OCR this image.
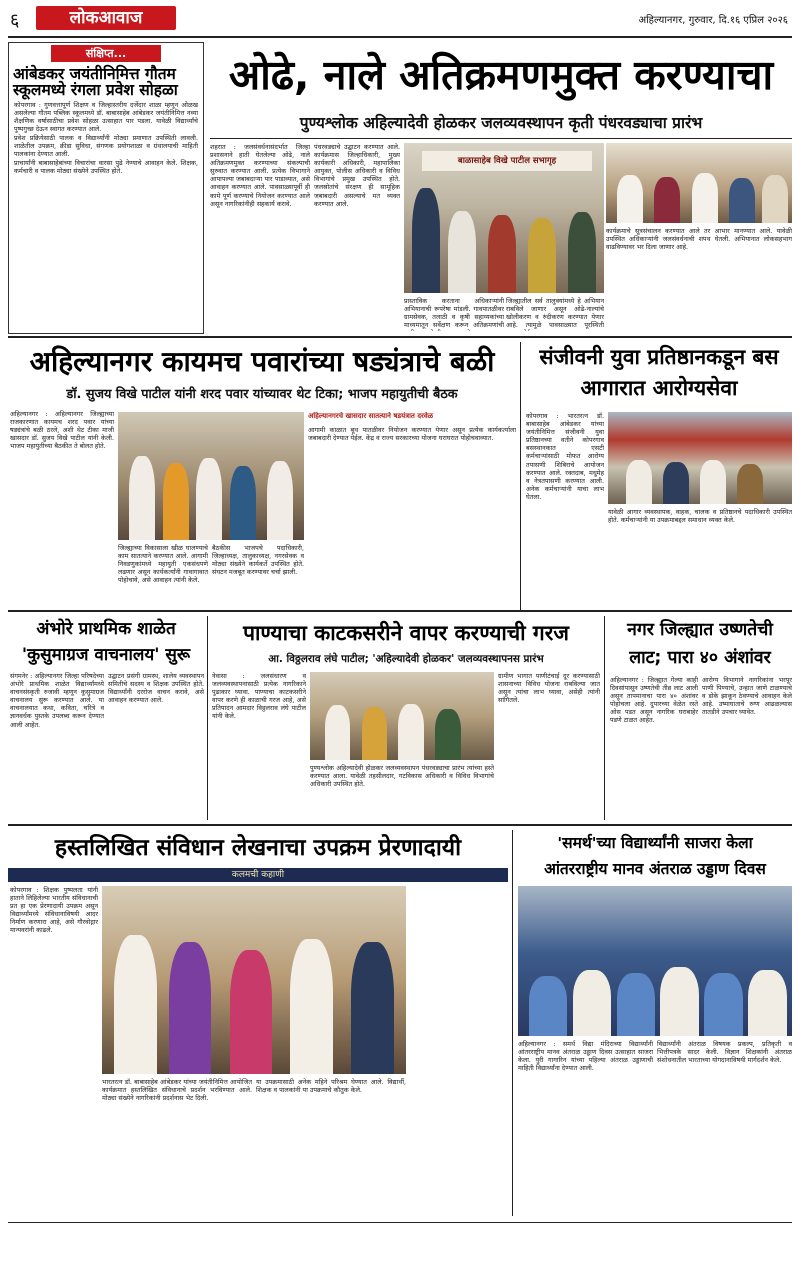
६	लोकआवाज	अहिल्यानगर, गुरुवार, दि.१६ एप्रिल २०२६
संक्षिप्त...
आंबेडकर जयंतीनिमित्त गौतम स्कूलमध्ये रंगला प्रवेश सोहळा

कोपरगाव : गुणवत्तापूर्ण शिक्षण व जिल्हास्तरीय दर्जेदार शाळा म्हणून ओळख असलेल्या गौतम पब्लिक स्कूलमध्ये डॉ. बाबासाहेब आंबेडकर जयंतीनिमित्त नव्या शैक्षणिक वर्षासाठीचा प्रवेश सोहळा उत्साहात पार पडला. यावेळी विद्यार्थ्यांचे पुष्पगुच्छ देऊन स्वागत करण्यात आले.

प्रवेश प्रक्रियेसाठी पालक व विद्यार्थ्यांनी मोठ्या प्रमाणात उपस्थिती लावली. शाळेतील उपक्रम, क्रीडा सुविधा, संगणक प्रयोगशाळा व ग्रंथालयाची माहिती पालकांना देण्यात आली.

प्राचार्यांनी बाबासाहेबांच्या विचारांचा वारसा पुढे नेण्याचे आवाहन केले. शिक्षक, कर्मचारी व पालक मोठ्या संख्येने उपस्थित होते.

ओढे, नाले अतिक्रमणमुक्त करण्याचा
पुण्यश्लोक अहिल्यादेवी होळकर जलव्यवस्थापन कृती पंधरवड्याचा प्रारंभ
शहरात : जलसंवर्धनासंदर्भात जिल्हा प्रशासनाने हाती घेतलेल्या ओढे, नाले अतिक्रमणमुक्त करण्याच्या संकल्पाची सुरुवात करण्यात आली. प्रत्येक विभागाने आपापल्या जबाबदाऱ्या पार पाडाव्यात, असे आवाहन करण्यात आले. पावसाळ्यापूर्वी ही कामे पूर्ण करण्याचे नियोजन करण्यात आले असून नागरिकांनीही सहकार्य करावे.
पंधरवड्याचे उद्घाटन करण्यात आले. कार्यक्रमास जिल्हाधिकारी, मुख्य कार्यकारी अधिकारी, महापालिका आयुक्त, पोलीस अधिकारी व विविध विभागांचे प्रमुख उपस्थित होते. जलस्रोतांचे संरक्षण ही सामूहिक जबाबदारी असल्याचे मत व्यक्त करण्यात आले.
बाळासाहेब विखे पाटील सभागृह
प्रास्ताविक करताना अधिकाऱ्यांनी अभियानाची रूपरेषा मांडली. गावपातळीवर ग्रामसेवक, तलाठी व कृषी सहाय्यकांच्या माध्यमातून सर्वेक्षण करून अतिक्रमणांची
जिल्ह्यातील सर्व तालुक्यांमध्ये हे अभियान राबविले जाणार असून ओढे-नाल्यांचे खोलीकरण व रुंदीकरण करण्यात येणार आहे. त्यामुळे पावसाळ्यात पूरस्थिती
कार्यक्रमाचे सूत्रसंचालन करण्यात आले तर आभार मानण्यात आले. यावेळी उपस्थित अधिकाऱ्यांनी जलसंवर्धनाची शपथ घेतली. अभियानात लोकसहभाग वाढविण्यावर भर दिला जाणार आहे.
अहिल्यानगर कायमच पवारांच्या षड्यंत्राचे बळी
डॉ. सुजय विखे पाटील यांनी शरद पवार यांच्यावर थेट टिका; भाजप महायुतीची बैठक
अहिल्यानगर : अहिल्यानगर जिल्ह्याच्या राजकारणात कायमच शरद पवार यांच्या षड्यंत्रांचे बळी ठरले, अशी थेट टीका माजी खासदार डॉ. सुजय विखे पाटील यांनी केली. भाजप महायुतीच्या बैठकीत ते बोलत होते.
जिल्ह्याच्या विकासाला खीळ घालण्याचे काम सातत्याने करण्यात आले. आगामी निवडणुकांमध्ये महायुती एकसंधपणे लढणार असून कार्यकर्त्यांनी गावागावात पोहोचावे, असे आवाहन त्यांनी केले.
बैठकीस भाजपचे पदाधिकारी, जिल्हाध्यक्ष, तालुकाध्यक्ष, नगरसेवक व मोठ्या संख्येने कार्यकर्ते उपस्थित होते. संघटन मजबूत करण्यावर चर्चा झाली.
अहिल्यानगरचे खासदार सातत्याने षडयंत्रात दरवेळ
आगामी काळात बूथ पातळीवर नियोजन करण्यात येणार असून प्रत्येक कार्यकर्त्याला जबाबदारी देण्यात येईल. केंद्र व राज्य सरकारच्या योजना घराघरात पोहोचवाव्यात.
संजीवनी युवा प्रतिष्ठानकडून बस आगारात आरोग्यसेवा
कोपरगाव : भारतरत्न डॉ. बाबासाहेब आंबेडकर यांच्या जयंतीनिमित्त संजीवनी युवा प्रतिष्ठानच्या वतीने कोपरगाव बसस्थानकात एसटी कर्मचाऱ्यांसाठी मोफत आरोग्य तपासणी शिबिराचे आयोजन करण्यात आले. रक्तदाब, मधुमेह व नेत्रतपासणी करण्यात आली. अनेक कर्मचाऱ्यांनी याचा लाभ घेतला.
यावेळी आगार व्यवस्थापक, वाहक, चालक व प्रतिष्ठानचे पदाधिकारी उपस्थित होते. कर्मचाऱ्यांनी या उपक्रमाबद्दल समाधान व्यक्त केले.
अंभोरे प्राथमिक शाळेत
'कुसुमाग्रज वाचनालय' सुरू
संगमनेर : अहिल्यानगर जिल्हा परिषदेच्या अंभोरे प्राथमिक शाळेत विद्यार्थ्यांमध्ये वाचनसंस्कृती रुजावी म्हणून कुसुमाग्रज वाचनालय सुरू करण्यात आले. या वाचनालयात कथा, कविता, चरित्रे व ज्ञानवर्धक पुस्तके उपलब्ध करून देण्यात आली आहेत.
उद्घाटन प्रसंगी ग्रामस्थ, शालेय व्यवस्थापन समितीचे सदस्य व शिक्षक उपस्थित होते. विद्यार्थ्यांनी दररोज वाचन करावे, असे आवाहन करण्यात आले.
पाण्याचा काटकसरीने वापर करण्याची गरज
आ. विठ्ठलराव लंघे पाटील; 'अहिल्यादेवी होळकर' जलव्यवस्थापनस प्रारंभ
नेवासा : जलसंधारण व जलव्यवस्थापनासाठी प्रत्येक नागरिकाने पुढाकार घ्यावा. पाण्याचा काटकसरीने वापर करणे ही काळाची गरज आहे, असे प्रतिपादन आमदार विठ्ठलराव लंघे पाटील यांनी केले.
पुण्यश्लोक अहिल्यादेवी होळकर जलव्यवस्थापन पंधरवड्याचा प्रारंभ त्यांच्या हस्ते करण्यात आला. यावेळी तहसीलदार, गटविकास अधिकारी व विविध विभागांचे अधिकारी उपस्थित होते.
ग्रामीण भागात पाणीटंचाई दूर करण्यासाठी शासनाच्या विविध योजना राबविल्या जात असून त्यांचा लाभ घ्यावा, असेही त्यांनी सांगितले.
नगर जिल्ह्यात उष्णतेची लाट; पारा ४० अंशांवर
अहिल्यानगर : जिल्ह्यात गेल्या काही दिवसांपासून उष्णतेची तीव्र लाट आली असून तापमानाचा पारा ४० अंशांवर पोहोचला आहे. दुपारच्या वेळेत रस्ते ओस पडत असून नागरिक घराबाहेर पडणे टाळत आहेत.
आरोग्य विभागाने नागरिकांना भरपूर पाणी पिण्याचे, उन्हात जाणे टाळण्याचे व डोके झाकून ठेवण्याचे आवाहन केले आहे. उष्माघाताचे रुग्ण आढळल्यास तातडीने उपचार घ्यावेत.
हस्तलिखित संविधान लेखनाचा उपक्रम प्रेरणादायी
कलमची कहाणी
कोपरगाव : शिक्षक पुष्पलता यांनी हाताने लिहिलेल्या भारतीय संविधानाची प्रत हा एक प्रेरणादायी उपक्रम असून विद्यार्थ्यांमध्ये संविधानाविषयी आदर निर्माण करणारा आहे, असे गौरवोद्गार मान्यवरांनी काढले.
भारतरत्न डॉ. बाबासाहेब आंबेडकर यांच्या जयंतीनिमित्त आयोजित कार्यक्रमात हस्तलिखित संविधानाचे प्रदर्शन भरविण्यात आले. मोठ्या संख्येने नागरिकांनी प्रदर्शनास भेट दिली.
या उपक्रमासाठी अनेक महिने परिश्रम घेण्यात आले. विद्यार्थी, शिक्षक व पालकांनी या उपक्रमाचे कौतुक केले.
'समर्थ'च्या विद्यार्थ्यांनी साजरा केला
आंतरराष्ट्रीय मानव अंतराळ उड्डाण दिवस
अहिल्यानगर : समर्थ विद्या मंदिराच्या विद्यार्थ्यांनी आंतरराष्ट्रीय मानव अंतराळ उड्डाण दिवस उत्साहात साजरा केला. युरी गागारिन यांच्या पहिल्या अंतराळ उड्डाणाची माहिती विद्यार्थ्यांना देण्यात आली.
विद्यार्थ्यांनी अंतराळ विषयक प्रकल्प, प्रतिकृती व भित्तीपत्रके सादर केली. विज्ञान शिक्षकांनी अंतराळ संशोधनातील भारताच्या योगदानाविषयी मार्गदर्शन केले.
